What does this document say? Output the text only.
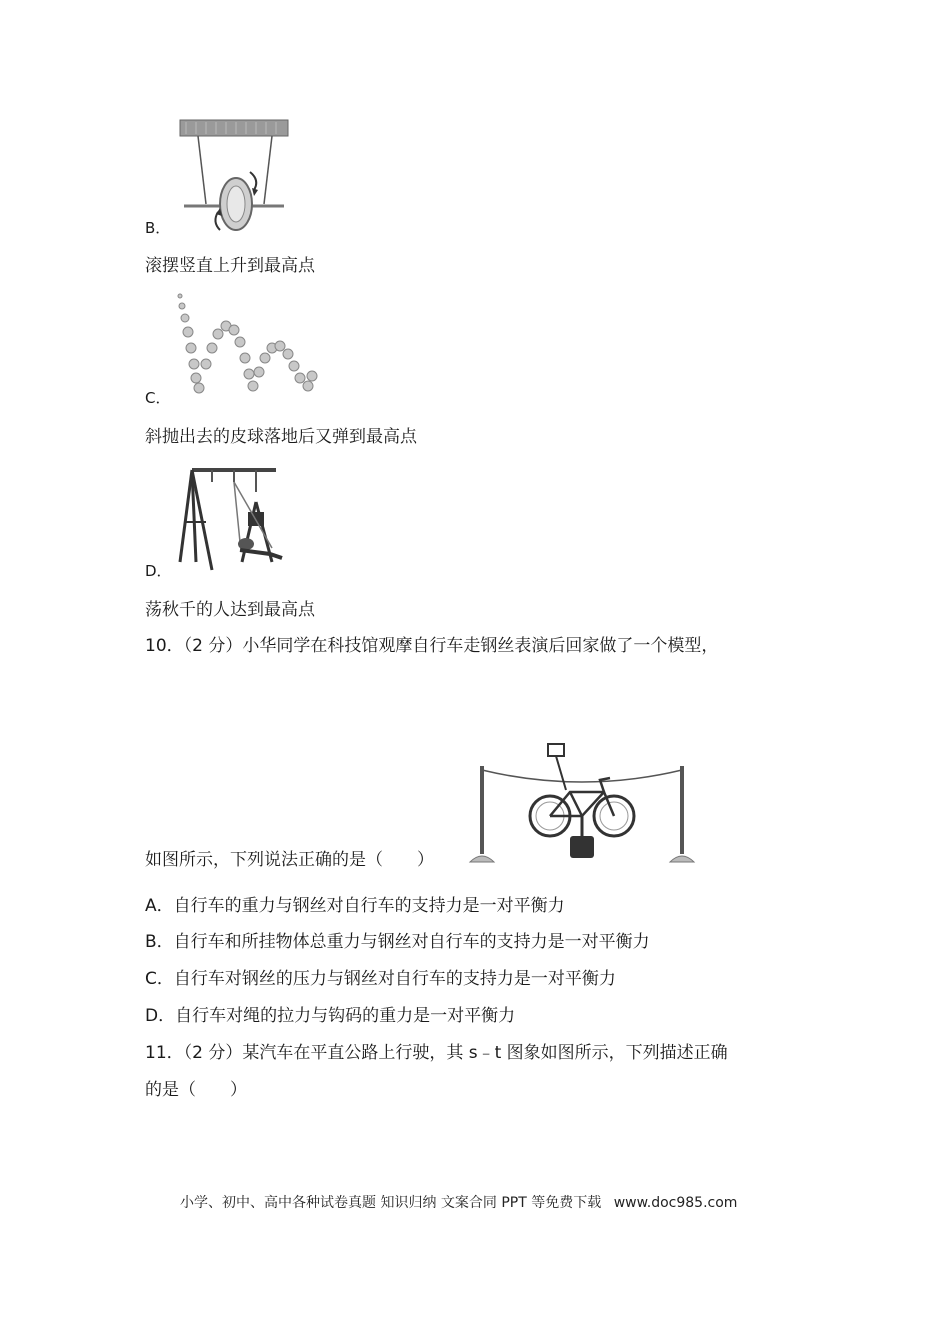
B．
滚摆竖直上升到最高点
C．
斜抛出去的皮球落地后又弹到最高点
D．
荡秋千的人达到最高点
10．（2 分）小华同学在科技馆观摩自行车走钢丝表演后回家做了一个模型，
如图所示，下列说法正确的是（　　）
A．自行车的重力与钢丝对自行车的支持力是一对平衡力
B．自行车和所挂物体总重力与钢丝对自行车的支持力是一对平衡力
C．自行车对钢丝的压力与钢丝对自行车的支持力是一对平衡力
D．自行车对绳的拉力与钩码的重力是一对平衡力
11．（2 分）某汽车在平直公路上行驶，其 s﹣t 图象如图所示，下列描述正确
的是（　　）
小学、初中、高中各种试卷真题 知识归纳 文案合同 PPT 等免费下载 www.doc985.com
